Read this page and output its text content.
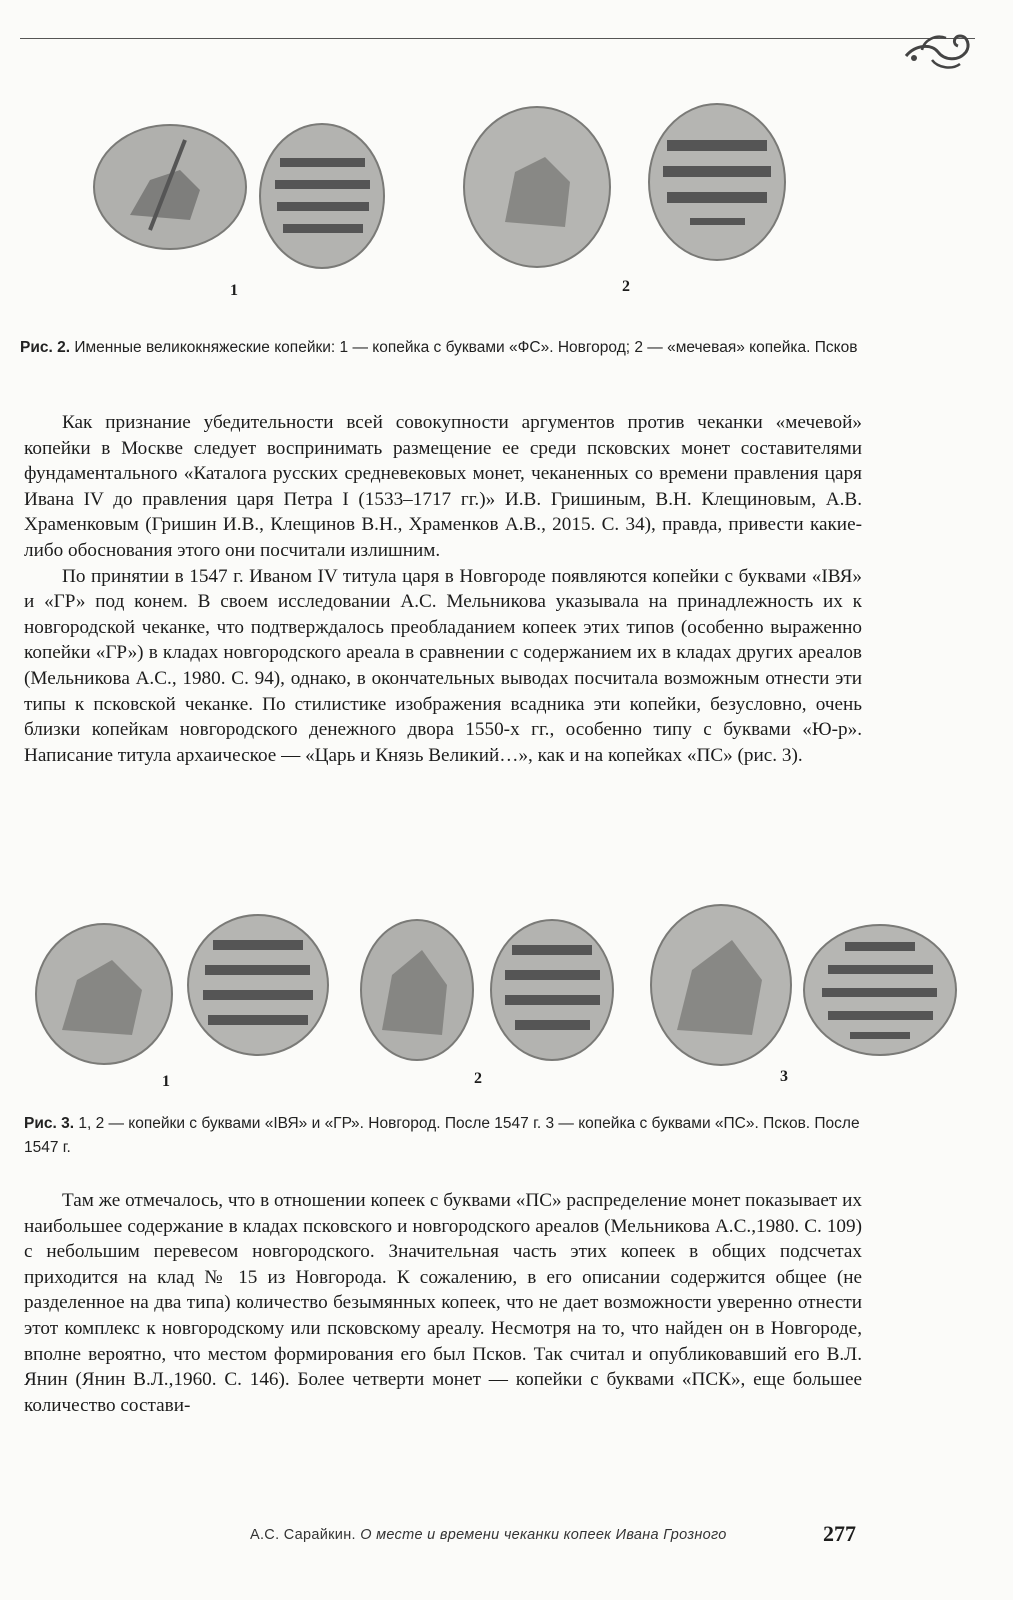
1	2
Рис. 2. Именные великокняжеские копейки: 1 — копейка с буквами «ФС». Новгород; 2 — «мечевая» копейка. Псков

Как признание убедительности всей совокупности аргументов против чеканки «мечевой» копейки в Москве следует воспринимать размещение ее среди псковских монет составителями фундаментального «Каталога русских средневековых монет, чеканенных со времени правления царя Ивана IV до правления царя Петра I (1533–1717 гг.)» И.В. Гришиным, В.Н. Клещиновым, А.В. Храменковым (Гришин И.В., Клещинов В.Н., Храменков А.В., 2015. С. 34), правда, привести какие-либо обоснования этого они посчитали излишним.

По принятии в 1547 г. Иваном IV титула царя в Новгороде появляются копейки с буквами «IВЯ» и «ГР» под конем. В своем исследовании А.С. Мельникова указывала на принадлежность их к новгородской чеканке, что подтверждалось преобладанием копеек этих типов (особенно выраженно копейки «ГР») в кладах новгородского ареала в сравнении с содержанием их в кладах других ареалов (Мельникова А.С., 1980. С. 94), однако, в окончательных выводах посчитала возможным отнести эти типы к псковской чеканке. По стилистике изображения всадника эти копейки, безусловно, очень близки копейкам новгородского денежного двора 1550-х гг., особенно типу с буквами «Ю-р». Написание титула архаическое — «Царь и Князь Великий…», как и на копейках «ПС» (рис. 3).

1	2	3
Рис. 3. 1, 2 — копейки с буквами «IВЯ» и «ГР». Новгород. После 1547 г. 3 — копейка с буквами «ПС». Псков. После 1547 г.

Там же отмечалось, что в отношении копеек с буквами «ПС» распределение монет показывает их наибольшее содержание в кладах псковского и новгородского ареалов (Мельникова А.С.,1980. С. 109) с небольшим перевесом новгородского. Значительная часть этих копеек в общих подсчетах приходится на клад № 15 из Новгорода. К сожалению, в его описании содержится общее (не разделенное на два типа) количество безымянных копеек, что не дает возможности уверенно отнести этот комплекс к новгородскому или псковскому ареалу. Несмотря на то, что найден он в Новгороде, вполне вероятно, что местом формирования его был Псков. Так считал и опубликовавший его В.Л. Янин (Янин В.Л.,1960. С. 146). Более четверти монет — копейки с буквами «ПСК», еще большее количество состави-

А.С. Сарайкин. О месте и времени чеканки копеек Ивана Грозного	277
